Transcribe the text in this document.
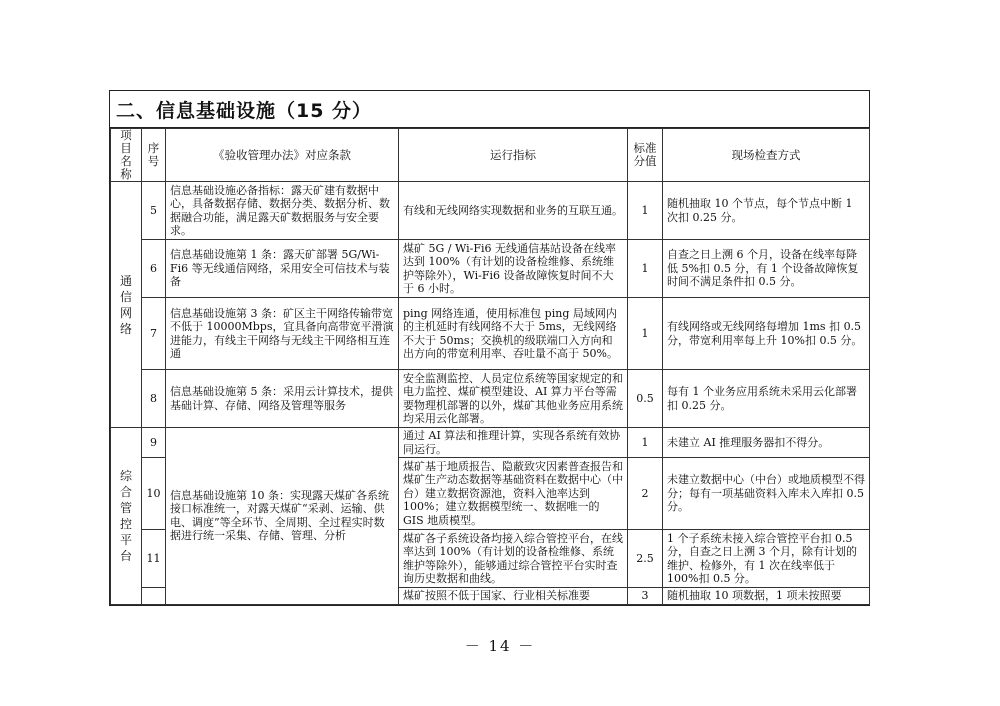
二、信息基础设施（15 分）
项目名称	序号	《验收管理办法》对应条款	运行指标	标准分值	现场检查方式
通信网络	5	信息基础设施必备指标：露天矿建有数据中心，具备数据存储、数据分类、数据分析、数据融合功能，满足露天矿数据服务与安全要求。	有线和无线网络实现数据和业务的互联互通。	1	随机抽取 10 个节点，每个节点中断 1 次扣 0.25 分。
	6	信息基础设施第 1 条：露天矿部署 5G/Wi-Fi6 等无线通信网络，采用安全可信技术与装备	煤矿 5G / Wi-Fi6 无线通信基站设备在线率达到 100%（有计划的设备检维修、系统维护等除外），Wi-Fi6 设备故障恢复时间不大于 6 小时。	1	自查之日上溯 6 个月，设备在线率每降低 5%扣 0.5 分，有 1 个设备故障恢复时间不满足条件扣 0.5 分。
	7	信息基础设施第 3 条：矿区主干网络传输带宽不低于 10000Mbps，宜具备向高带宽平滑演进能力，有线主干网络与无线主干网络相互连通	ping 网络连通，使用标准包 ping 局域网内的主机延时有线网络不大于 5ms，无线网络不大于 50ms；交换机的级联端口入方向和出方向的带宽利用率、吞吐量不高于 50%。	1	有线网络或无线网络每增加 1ms 扣 0.5 分，带宽利用率每上升 10%扣 0.5 分。
	8	信息基础设施第 5 条：采用云计算技术，提供基础计算、存储、网络及管理等服务	安全监测监控、人员定位系统等国家规定的和电力监控、煤矿模型建设、AI 算力平台等需要物理机部署的以外，煤矿其他业务应用系统均采用云化部署。	0.5	每有 1 个业务应用系统未采用云化部署扣 0.25 分。
综合管控平台	9	信息基础设施第 10 条：实现露天煤矿各系统接口标准统一，对露天煤矿“采剥、运输、供电、调度”等全环节、全周期、全过程实时数据进行统一采集、存储、管理、分析	通过 AI 算法和推理计算，实现各系统有效协同运行。	1	未建立 AI 推理服务器扣不得分。
	10		煤矿基于地质报告、隐蔽致灾因素普查报告和煤矿生产动态数据等基础资料在数据中心（中台）建立数据资源池，资料入池率达到 100%；建立数据模型统一、数据唯一的 GIS 地质模型。	2	未建立数据中心（中台）或地质模型不得分；每有一项基础资料入库未入库扣 0.5 分。
	11		煤矿各子系统设备均接入综合管控平台，在线率达到 100%（有计划的设备检维修、系统维护等除外），能够通过综合管控平台实时查询历史数据和曲线。	2.5	1 个子系统未接入综合管控平台扣 0.5 分，自查之日上溯 3 个月，除有计划的维护、检修外，有 1 次在线率低于 100%扣 0.5 分。
			煤矿按照不低于国家、行业相关标准要	3	随机抽取 10 项数据，1 项未按照要
－ 14 －
